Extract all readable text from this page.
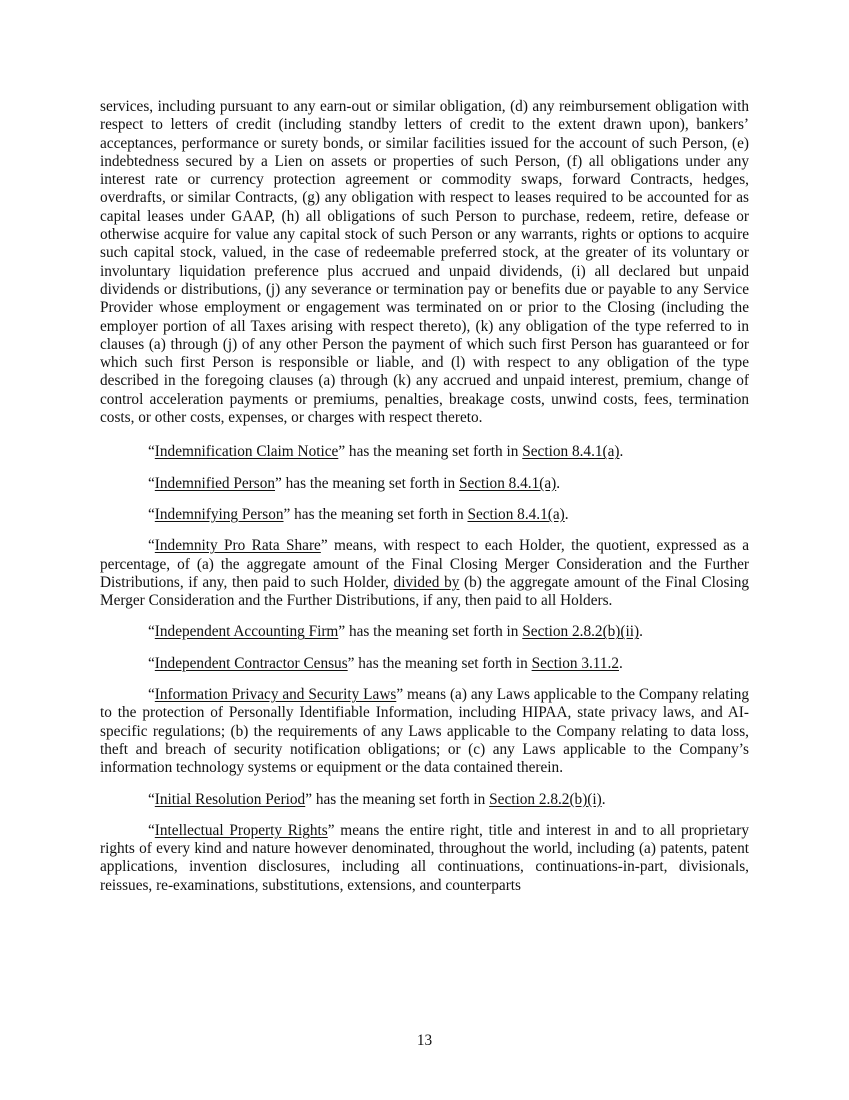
services, including pursuant to any earn-out or similar obligation, (d) any reimbursement obligation with respect to letters of credit (including standby letters of credit to the extent drawn upon), bankers’ acceptances, performance or surety bonds, or similar facilities issued for the account of such Person, (e) indebtedness secured by a Lien on assets or properties of such Person, (f) all obligations under any interest rate or currency protection agreement or commodity swaps, forward Contracts, hedges, overdrafts, or similar Contracts, (g) any obligation with respect to leases required to be accounted for as capital leases under GAAP, (h) all obligations of such Person to purchase, redeem, retire, defease or otherwise acquire for value any capital stock of such Person or any warrants, rights or options to acquire such capital stock, valued, in the case of redeemable preferred stock, at the greater of its voluntary or involuntary liquidation preference plus accrued and unpaid dividends, (i) all declared but unpaid dividends or distributions, (j) any severance or termination pay or benefits due or payable to any Service Provider whose employment or engagement was terminated on or prior to the Closing (including the employer portion of all Taxes arising with respect thereto), (k) any obligation of the type referred to in clauses (a) through (j) of any other Person the payment of which such first Person has guaranteed or for which such first Person is responsible or liable, and (l) with respect to any obligation of the type described in the foregoing clauses (a) through (k) any accrued and unpaid interest, premium, change of control acceleration payments or premiums, penalties, breakage costs, unwind costs, fees, termination costs, or other costs, expenses, or charges with respect thereto.

“Indemnification Claim Notice” has the meaning set forth in Section 8.4.1(a).

“Indemnified Person” has the meaning set forth in Section 8.4.1(a).

“Indemnifying Person” has the meaning set forth in Section 8.4.1(a).

“Indemnity Pro Rata Share” means, with respect to each Holder, the quotient, expressed as a percentage, of (a) the aggregate amount of the Final Closing Merger Consideration and the Further Distributions, if any, then paid to such Holder, divided by (b) the aggregate amount of the Final Closing Merger Consideration and the Further Distributions, if any, then paid to all Holders.

“Independent Accounting Firm” has the meaning set forth in Section 2.8.2(b)(ii).

“Independent Contractor Census” has the meaning set forth in Section 3.11.2.

“Information Privacy and Security Laws” means (a) any Laws applicable to the Company relating to the protection of Personally Identifiable Information, including HIPAA, state privacy laws, and AI-specific regulations; (b) the requirements of any Laws applicable to the Company relating to data loss, theft and breach of security notification obligations; or (c) any Laws applicable to the Company’s information technology systems or equipment or the data contained therein.

“Initial Resolution Period” has the meaning set forth in Section 2.8.2(b)(i).

“Intellectual Property Rights” means the entire right, title and interest in and to all proprietary rights of every kind and nature however denominated, throughout the world, including (a) patents, patent applications, invention disclosures, including all continuations, continuations-in-part, divisionals, reissues, re-examinations, substitutions, extensions, and counterparts

13
